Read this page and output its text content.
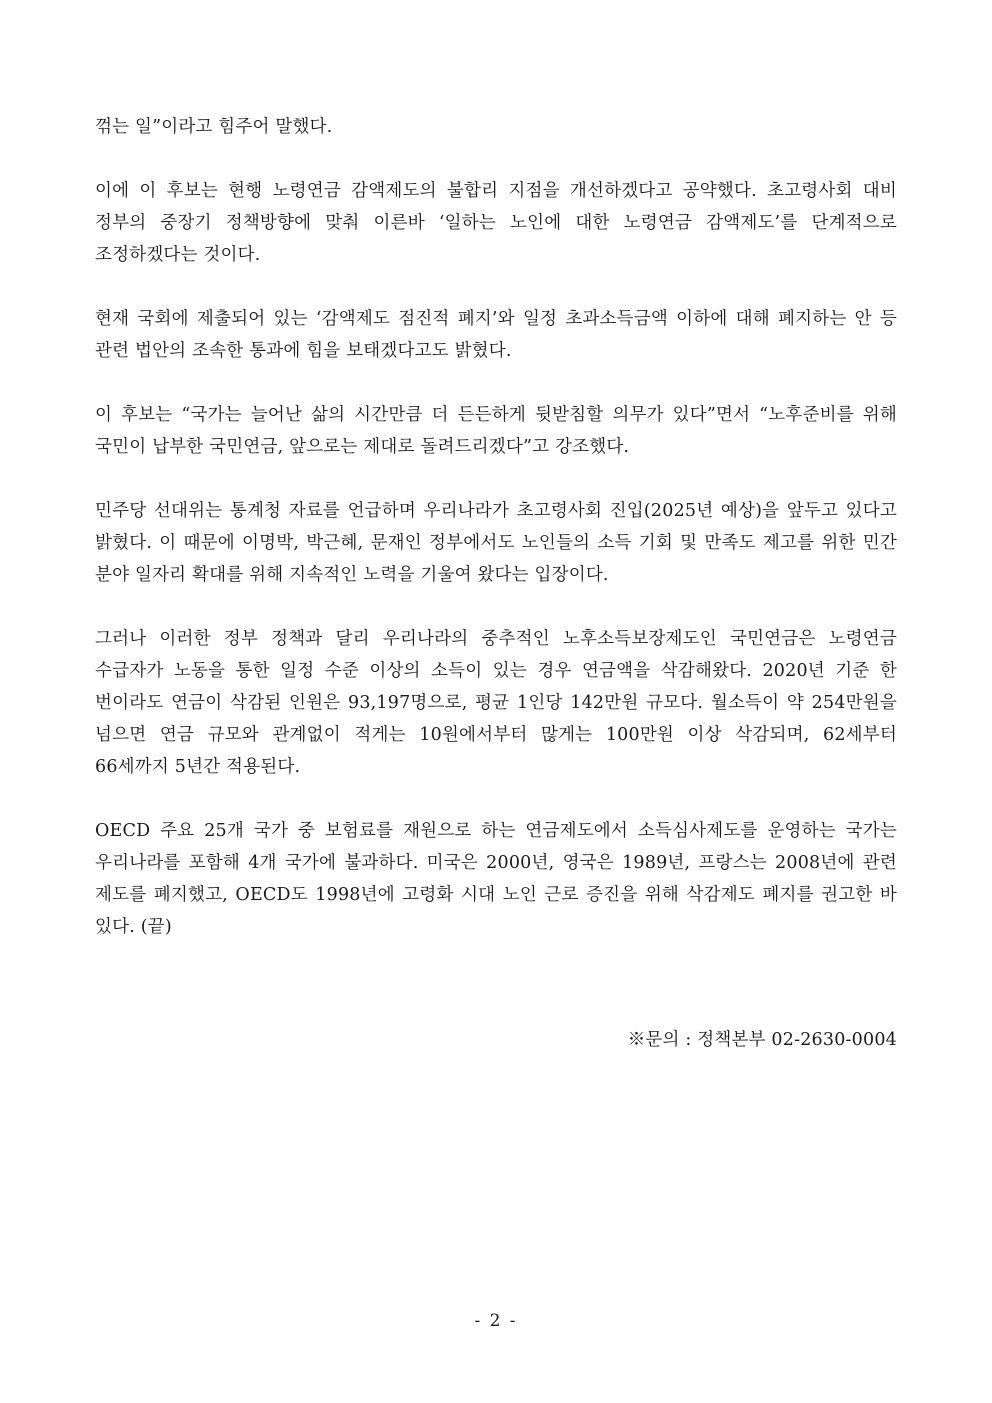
꺾는 일”이라고 힘주어 말했다.

이에 이 후보는 현행 노령연금 감액제도의 불합리 지점을 개선하겠다고 공약했다. 초고령사회 대비 정부의 중장기 정책방향에 맞춰 이른바 ‘일하는 노인에 대한 노령연금 감액제도’를 단계적으로 조정하겠다는 것이다.

현재 국회에 제출되어 있는 ‘감액제도 점진적 폐지’와 일정 초과소득금액 이하에 대해 폐지하는 안 등 관련 법안의 조속한 통과에 힘을 보태겠다고도 밝혔다.

이 후보는 “국가는 늘어난 삶의 시간만큼 더 든든하게 뒷받침할 의무가 있다”면서 “노후준비를 위해 국민이 납부한 국민연금, 앞으로는 제대로 돌려드리겠다”고 강조했다.

민주당 선대위는 통계청 자료를 언급하며 우리나라가 초고령사회 진입(2025년 예상)을 앞두고 있다고 밝혔다. 이 때문에 이명박, 박근혜, 문재인 정부에서도 노인들의 소득 기회 및 만족도 제고를 위한 민간 분야 일자리 확대를 위해 지속적인 노력을 기울여 왔다는 입장이다.

그러나 이러한 정부 정책과 달리 우리나라의 중추적인 노후소득보장제도인 국민연금은 노령연금 수급자가 노동을 통한 일정 수준 이상의 소득이 있는 경우 연금액을 삭감해왔다. 2020년 기준 한 번이라도 연금이 삭감된 인원은 93,197명으로, 평균 1인당 142만원 규모다. 월소득이 약 254만원을 넘으면 연금 규모와 관계없이 적게는 10원에서부터 많게는 100만원 이상 삭감되며, 62세부터 66세까지 5년간 적용된다.

OECD 주요 25개 국가 중 보험료를 재원으로 하는 연금제도에서 소득심사제도를 운영하는 국가는 우리나라를 포함해 4개 국가에 불과하다. 미국은 2000년, 영국은 1989년, 프랑스는 2008년에 관련 제도를 폐지했고, OECD도 1998년에 고령화 시대 노인 근로 증진을 위해 삭감제도 폐지를 권고한 바 있다. (끝)

※문의 : 정책본부 02-2630-0004
- 2 -
